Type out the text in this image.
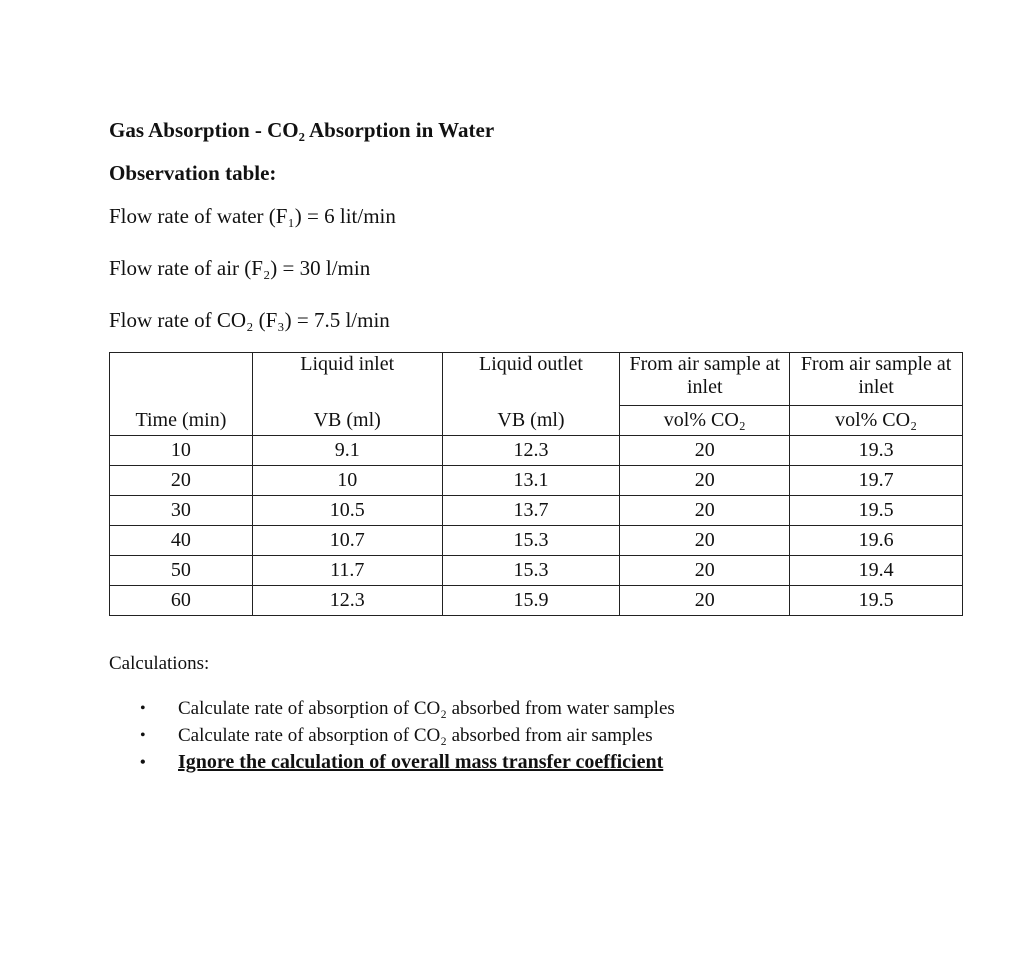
Gas Absorption - CO₂ Absorption in Water
Observation table:
Flow rate of water (F₁) = 6 lit/min
Flow rate of air (F₂) = 30 l/min
Flow rate of CO₂ (F₃) = 7.5 l/min
	Liquid inlet	Liquid outlet	From air sample at inlet	From air sample at inlet
Time (min)	VB (ml)	VB (ml)	vol% CO₂	vol% CO₂
10	9.1	12.3	20	19.3
20	10	13.1	20	19.7
30	10.5	13.7	20	19.5
40	10.7	15.3	20	19.6
50	11.7	15.3	20	19.4
60	12.3	15.9	20	19.5
Calculations:
• Calculate rate of absorption of CO₂ absorbed from water samples
• Calculate rate of absorption of CO₂ absorbed from air samples
• Ignore the calculation of overall mass transfer coefficient
